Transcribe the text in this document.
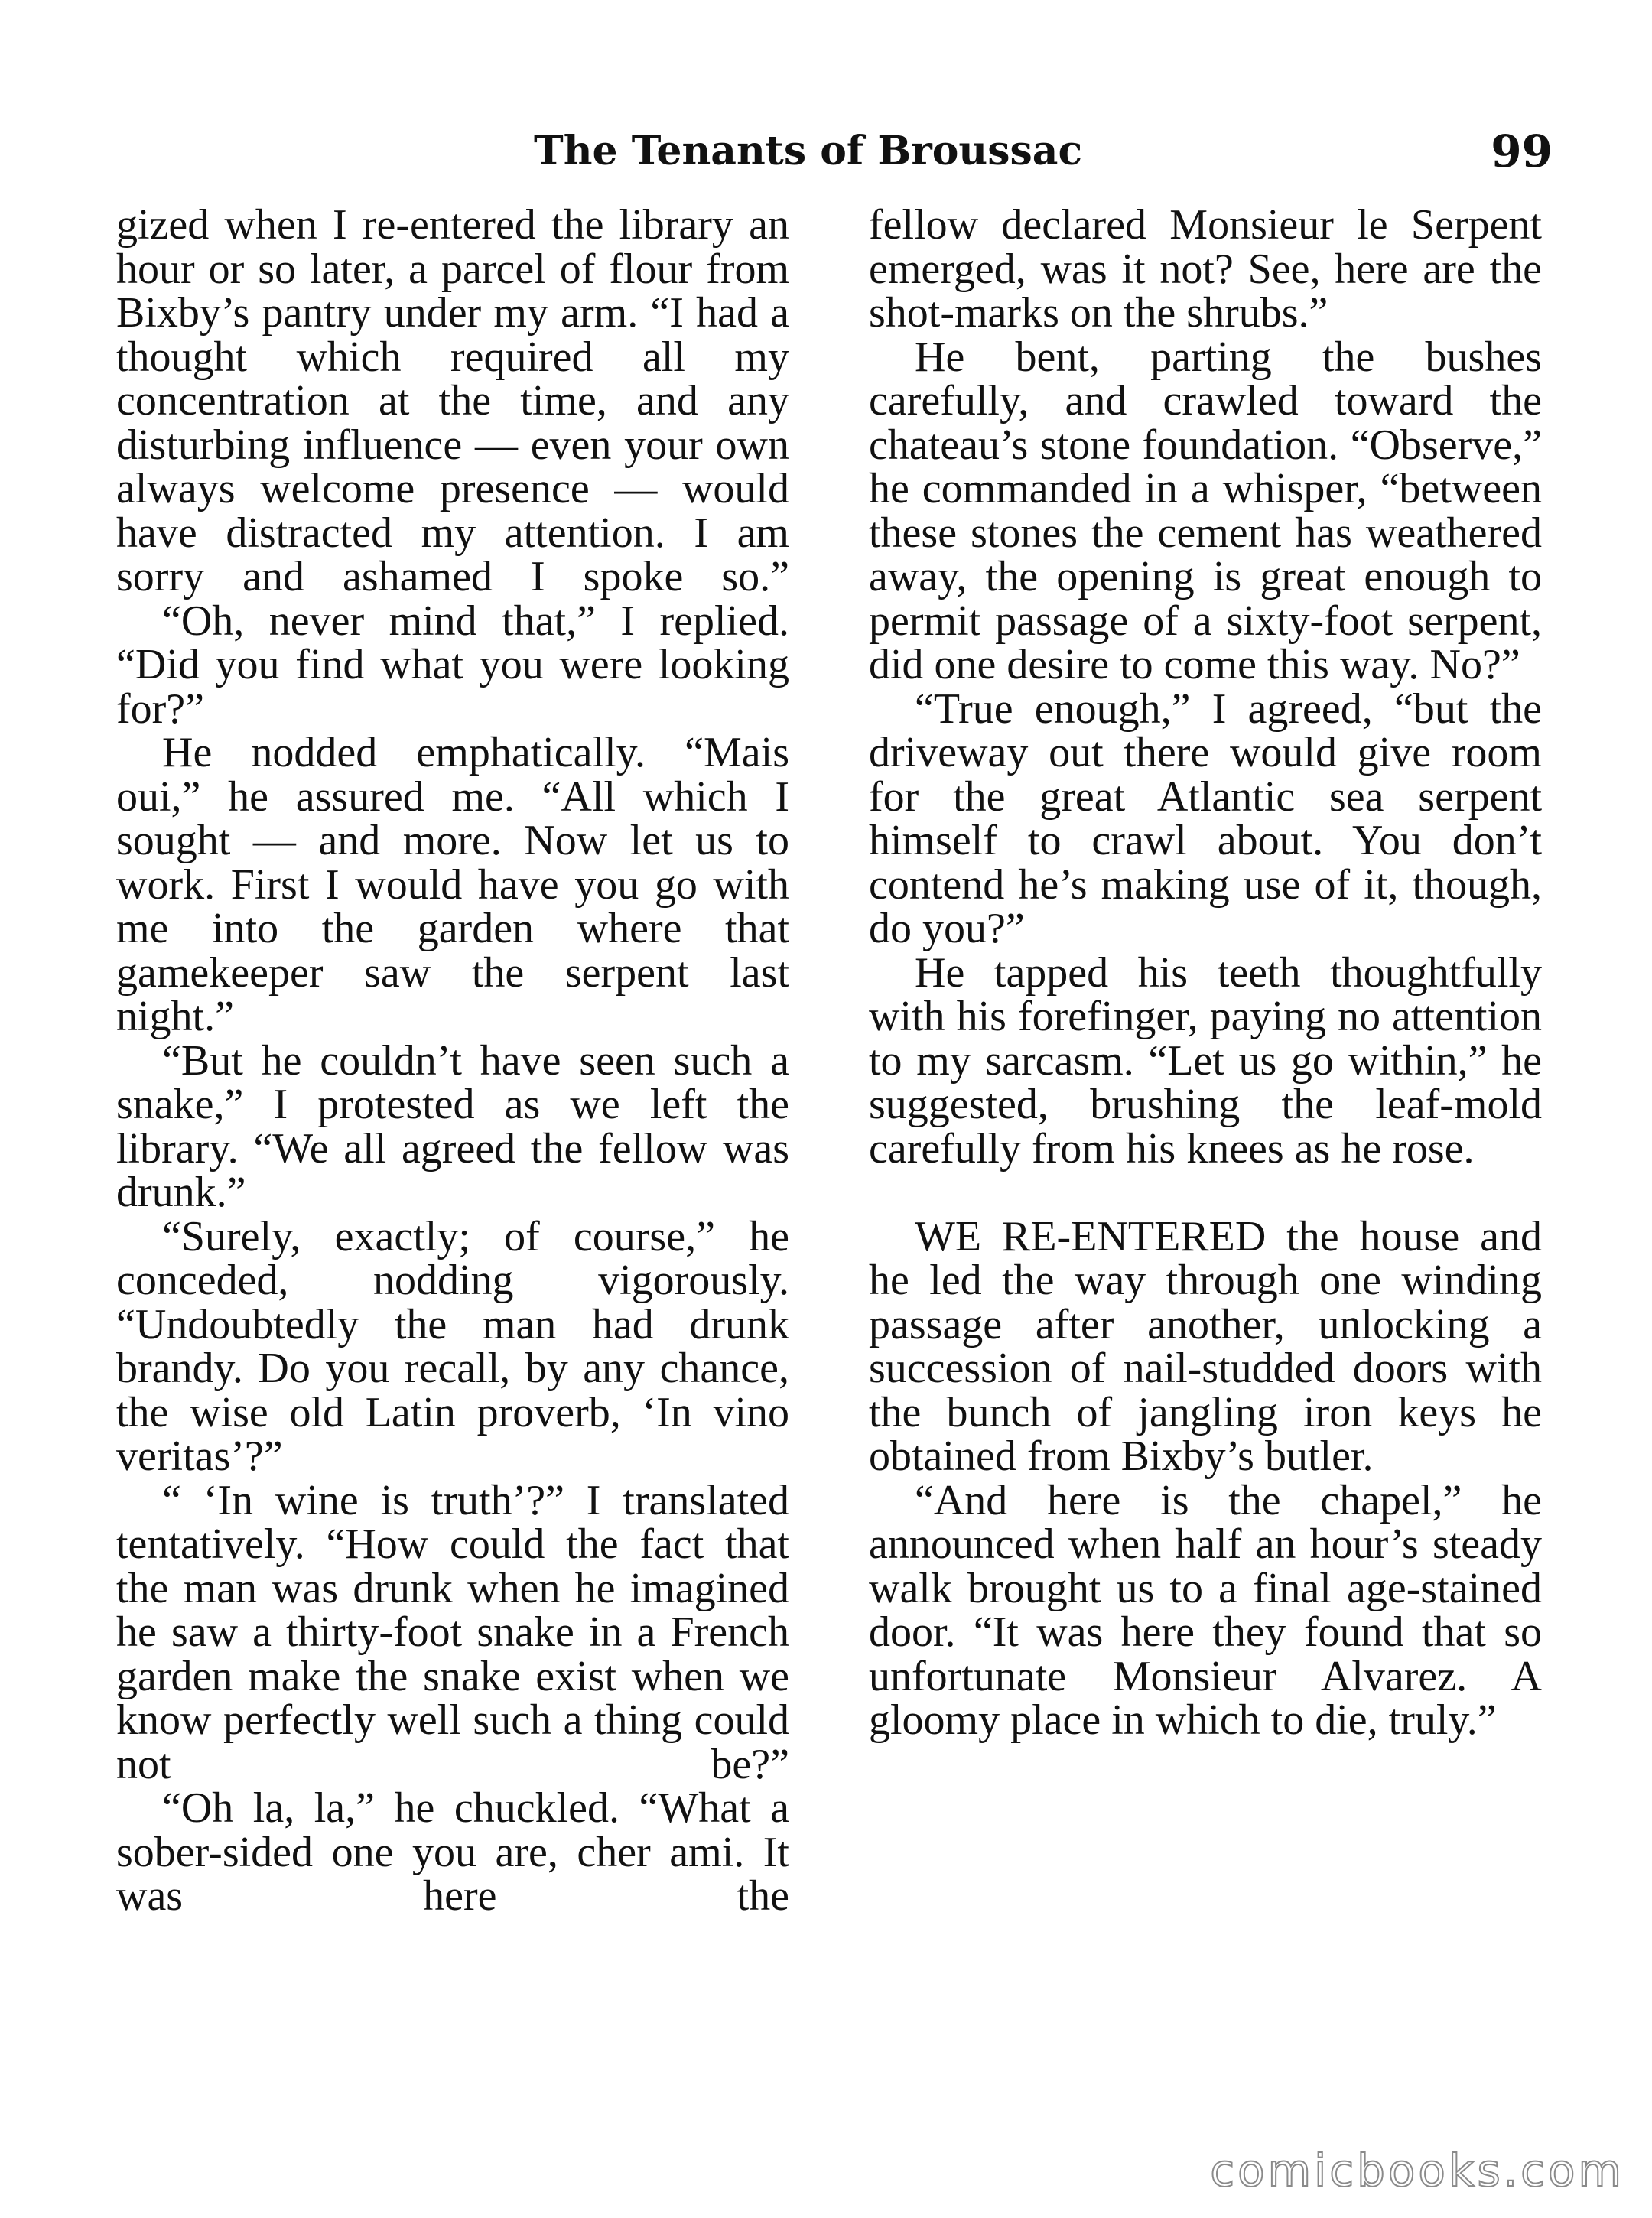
The Tenants of Broussac	99

gized when I re-entered the library an hour or so later, a parcel of flour from Bixby’s pantry under my arm. “I had a thought which required all my concentration at the time, and any disturbing influence — even your own always welcome presence — would have distracted my attention. I am sorry and ashamed I spoke so.”

“Oh, never mind that,” I replied. “Did you find what you were looking for?”

He nodded emphatically. “Mais oui,” he assured me. “All which I sought — and more. Now let us to work. First I would have you go with me into the garden where that gamekeeper saw the serpent last night.”

“But he couldn’t have seen such a snake,” I protested as we left the library. “We all agreed the fellow was drunk.”

“Surely, exactly; of course,” he conceded, nodding vigorously. “Undoubtedly the man had drunk brandy. Do you recall, by any chance, the wise old Latin proverb, ‘In vino veritas’?”

“ ‘In wine is truth’?” I translated tentatively. “How could the fact that the man was drunk when he imagined he saw a thirty-foot snake in a French garden make the snake exist when we know perfectly well such a thing could not be?”

“Oh la, la,” he chuckled. “What a sober-sided one you are, cher ami. It was here the

fellow declared Monsieur le Serpent emerged, was it not? See, here are the shot-marks on the shrubs.”

He bent, parting the bushes carefully, and crawled toward the chateau’s stone foundation. “Observe,” he commanded in a whisper, “between these stones the cement has weathered away, the opening is great enough to permit passage of a sixty-foot serpent, did one desire to come this way. No?”

“True enough,” I agreed, “but the driveway out there would give room for the great Atlantic sea serpent himself to crawl about. You don’t contend he’s making use of it, though, do you?”

He tapped his teeth thoughtfully with his forefinger, paying no attention to my sarcasm. “Let us go within,” he suggested, brushing the leaf-mold carefully from his knees as he rose.

WE RE-ENTERED the house and he led the way through one winding passage after another, unlocking a succession of nail-studded doors with the bunch of jangling iron keys he obtained from Bixby’s butler.

“And here is the chapel,” he announced when half an hour’s steady walk brought us to a final age-stained door. “It was here they found that so unfortunate Monsieur Alvarez. A gloomy place in which to die, truly.”

comicbooks.com
